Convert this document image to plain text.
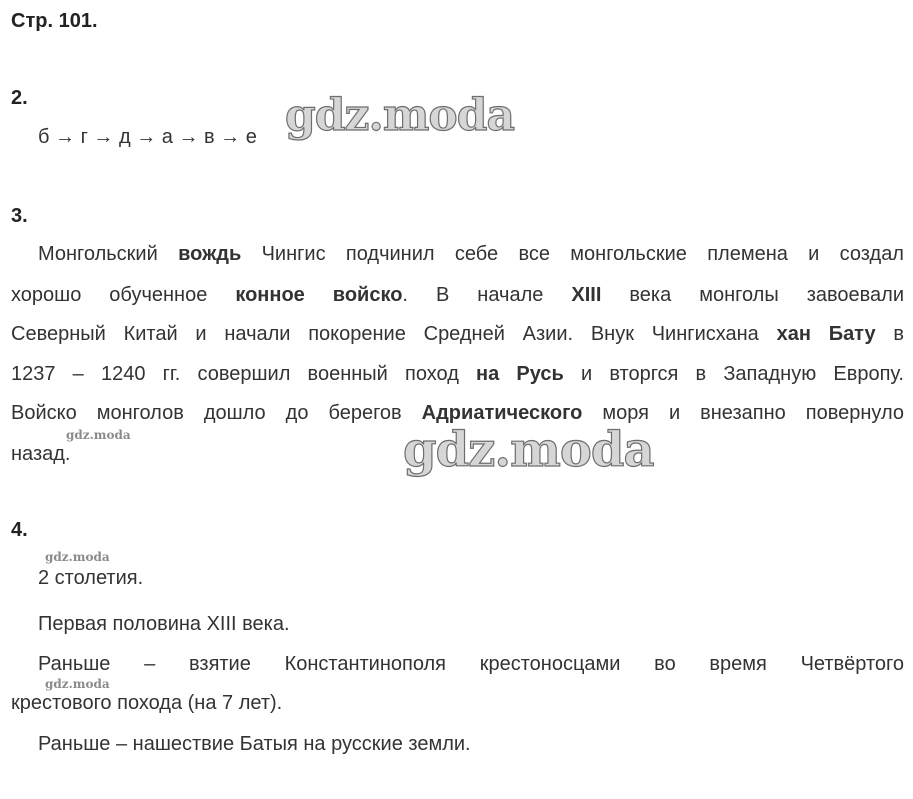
Стр. 101.
2.
б → г → д → а → в → е gdz.moda
3.
Монгольский вождь Чингис подчинил себе все монгольские племена и создал
хорошо обученное конное войско. В начале XIII века монголы завоевали
Северный Китай и начали покорение Средней Азии. Внук Чингисхана хан Бату в
1237 – 1240 гг. совершил военный поход на Русь и вторгся в Западную Европу.
Войско монголов дошло до берегов Адриатического моря и внезапно повернуло
назад.
gdz.moda	gdz.moda
4.
gdz.moda
2 столетия.
Первая половина XIII века.
Раньше – взятие Константинополя крестоносцами во время Четвёртого
gdz.moda
крестового похода (на 7 лет).
Раньше – нашествие Батыя на русские земли.
